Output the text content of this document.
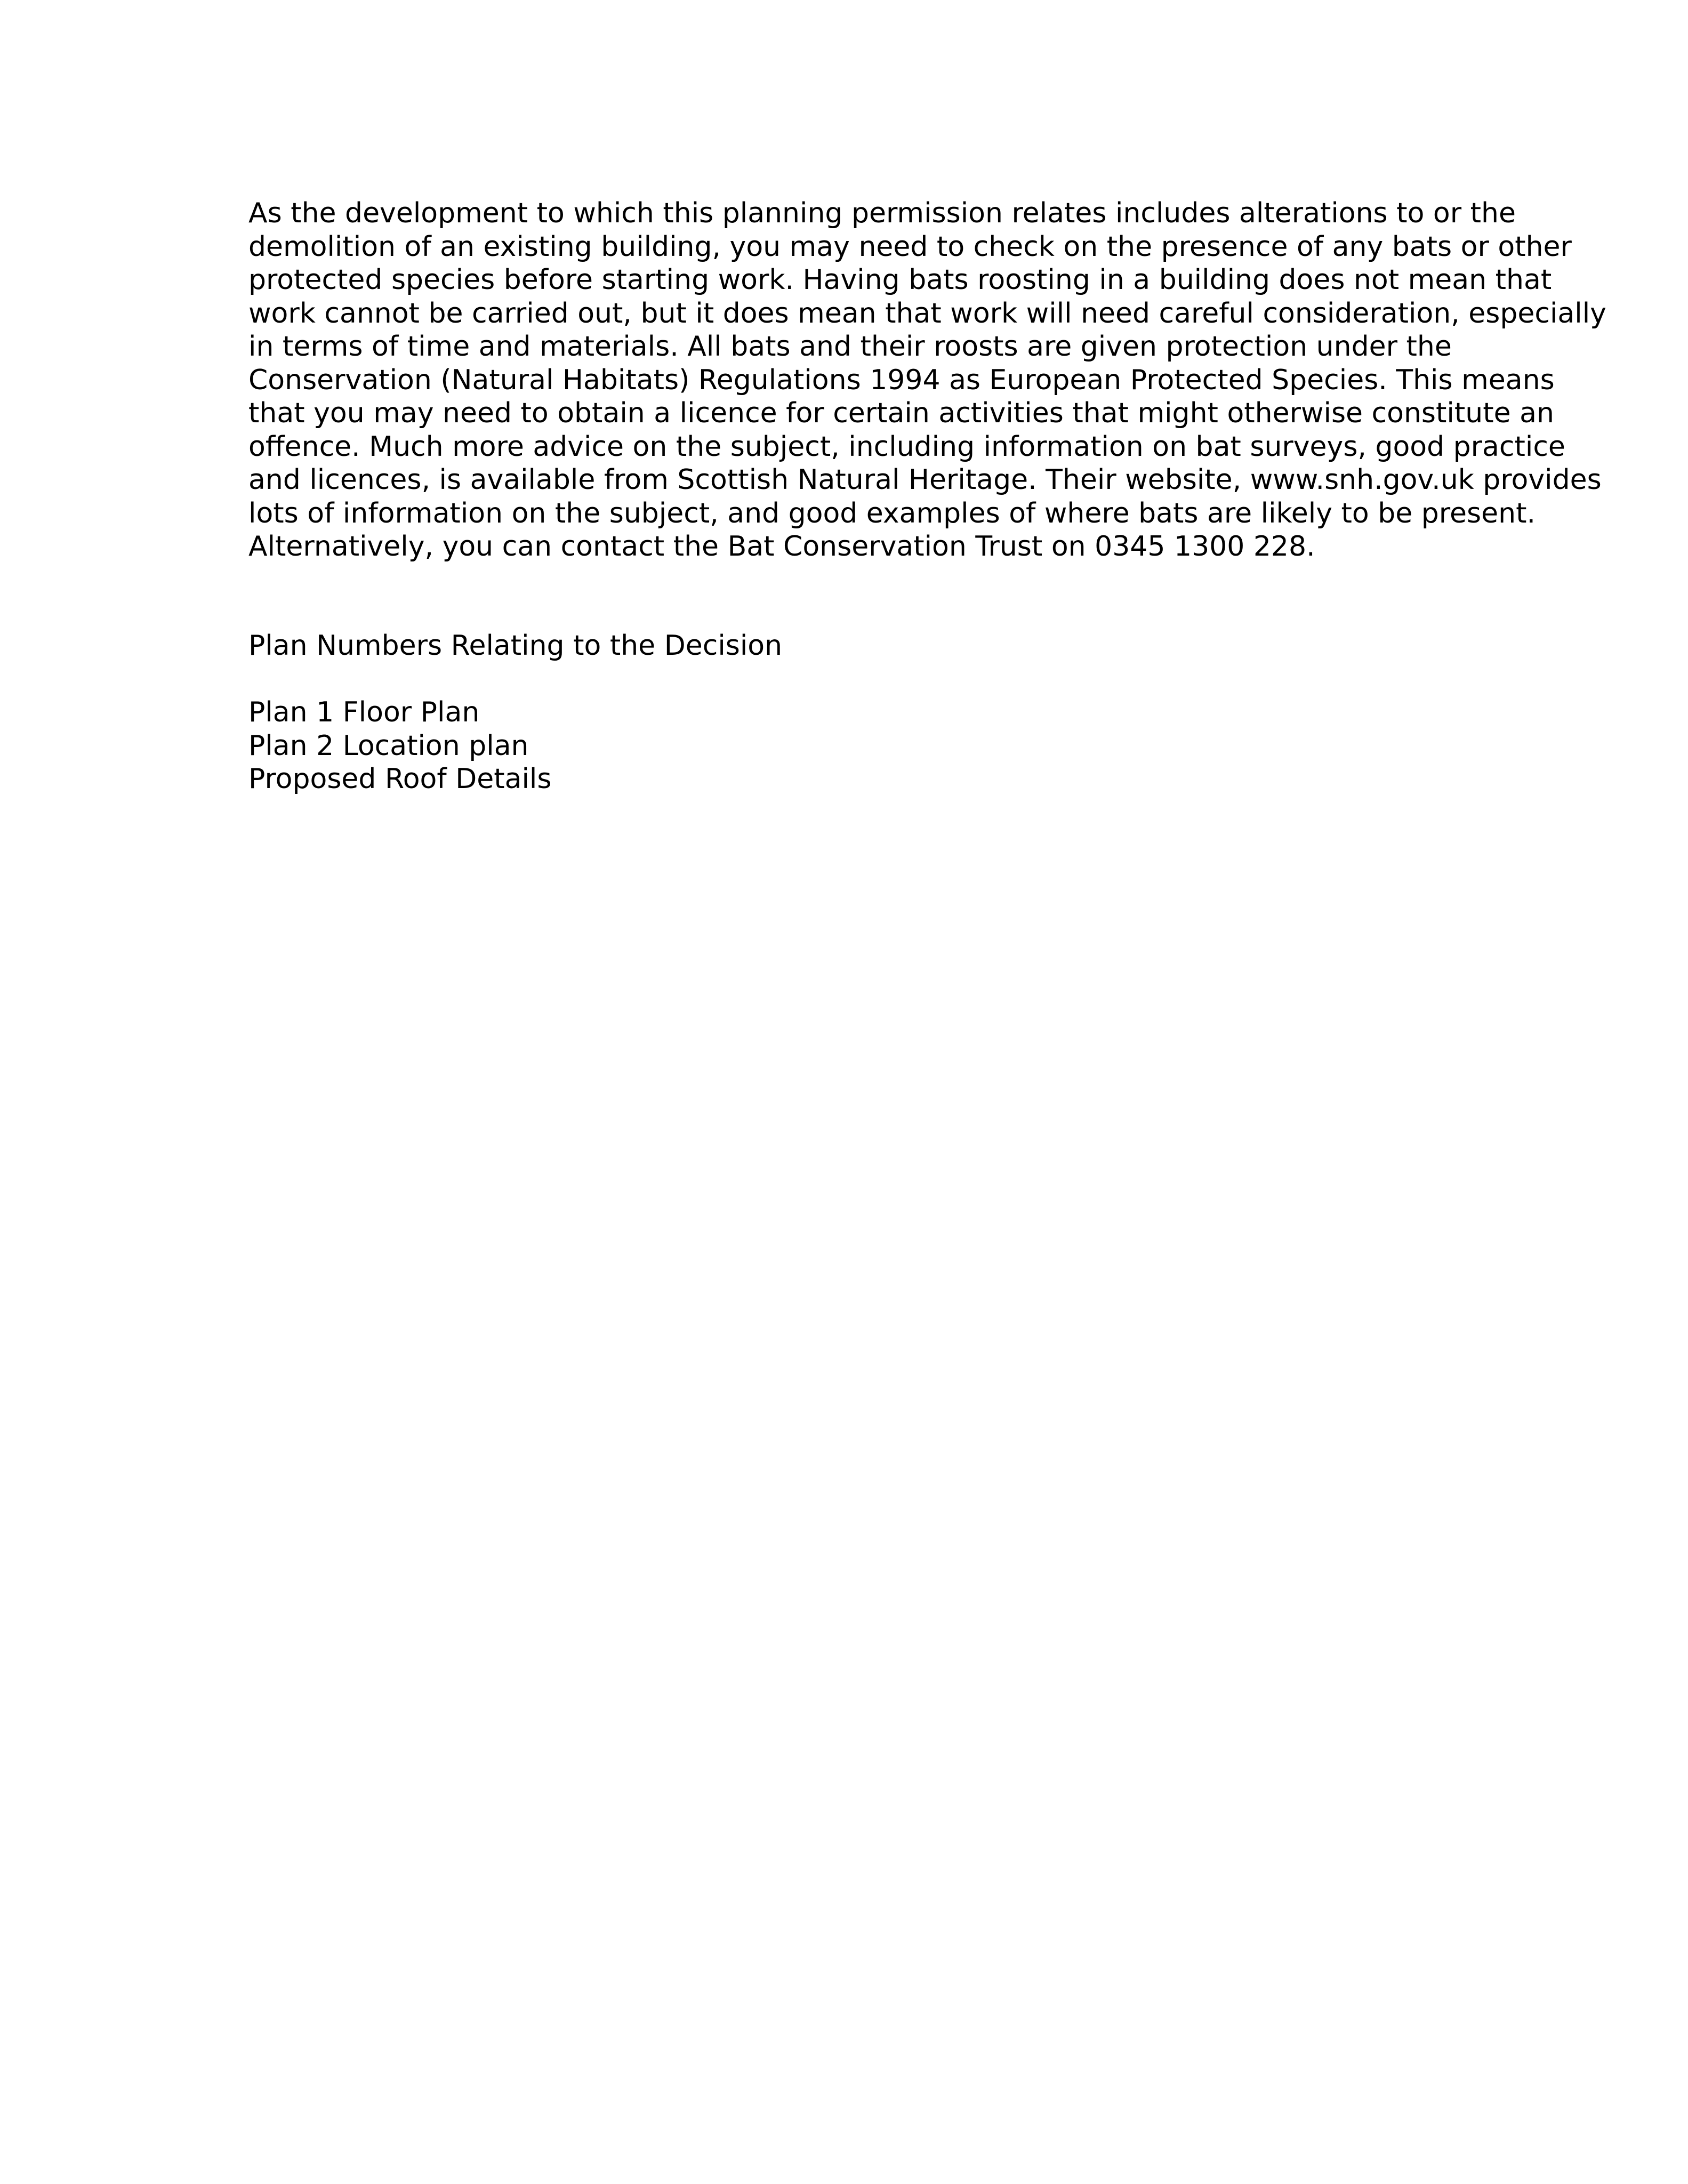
As the development to which this planning permission relates includes alterations to or the
demolition of an existing building, you may need to check on the presence of any bats or other
protected species before starting work. Having bats roosting in a building does not mean that
work cannot be carried out, but it does mean that work will need careful consideration, especially
in terms of time and materials. All bats and their roosts are given protection under the
Conservation (Natural Habitats) Regulations 1994 as European Protected Species. This means
that you may need to obtain a licence for certain activities that might otherwise constitute an
offence. Much more advice on the subject, including information on bat surveys, good practice
and licences, is available from Scottish Natural Heritage. Their website, www.snh.gov.uk provides
lots of information on the subject, and good examples of where bats are likely to be present.
Alternatively, you can contact the Bat Conservation Trust on 0345 1300 228.

Plan Numbers Relating to the Decision
Plan 1 Floor Plan
Plan 2 Location plan
Proposed Roof Details
